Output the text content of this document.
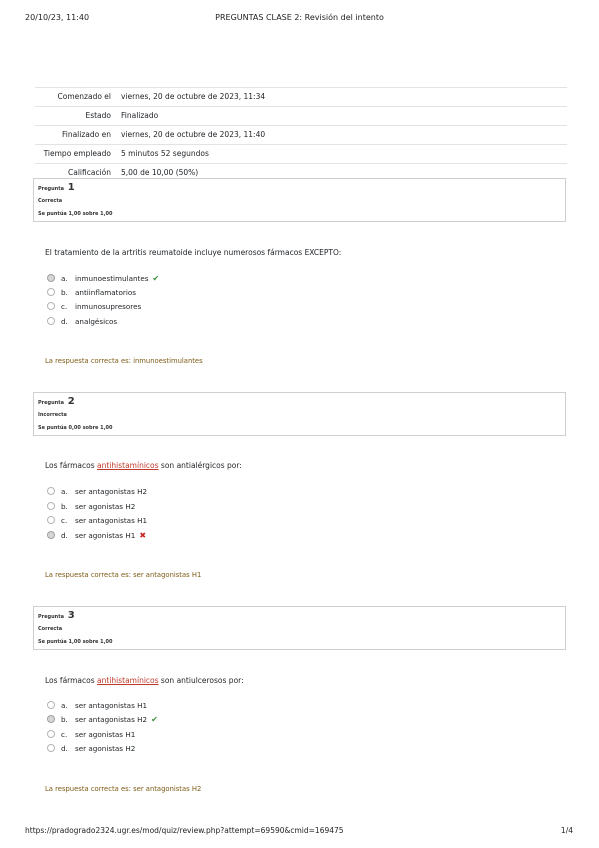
20/10/23, 11:40	PREGUNTAS CLASE 2: Revisión del intento
Comenzado el	viernes, 20 de octubre de 2023, 11:34
Estado	Finalizado
Finalizado en	viernes, 20 de octubre de 2023, 11:40
Tiempo empleado	5 minutos 52 segundos
Calificación	5,00 de 10,00 (50%)
Pregunta 1
Correcta
Se puntúa 1,00 sobre 1,00
El tratamiento de la artritis reumatoide incluye numerosos fármacos EXCEPTO:
a. inmunoestimulantes ✔
b. antiinflamatorios
c. inmunosupresores
d. analgésicos
La respuesta correcta es: inmunoestimulantes
Pregunta 2
Incorrecta
Se puntúa 0,00 sobre 1,00
Los fármacos antihistamínicos son antialérgicos por:
a. ser antagonistas H2
b. ser agonistas H2
c. ser antagonistas H1
d. ser agonistas H1 ✖
La respuesta correcta es: ser antagonistas H1
Pregunta 3
Correcta
Se puntúa 1,00 sobre 1,00
Los fármacos antihistamínicos son antiulcerosos por:
a. ser antagonistas H1
b. ser antagonistas H2 ✔
c. ser agonistas H1
d. ser agonistas H2
La respuesta correcta es: ser antagonistas H2
https://pradogrado2324.ugr.es/mod/quiz/review.php?attempt=69590&cmid=169475	1/4
